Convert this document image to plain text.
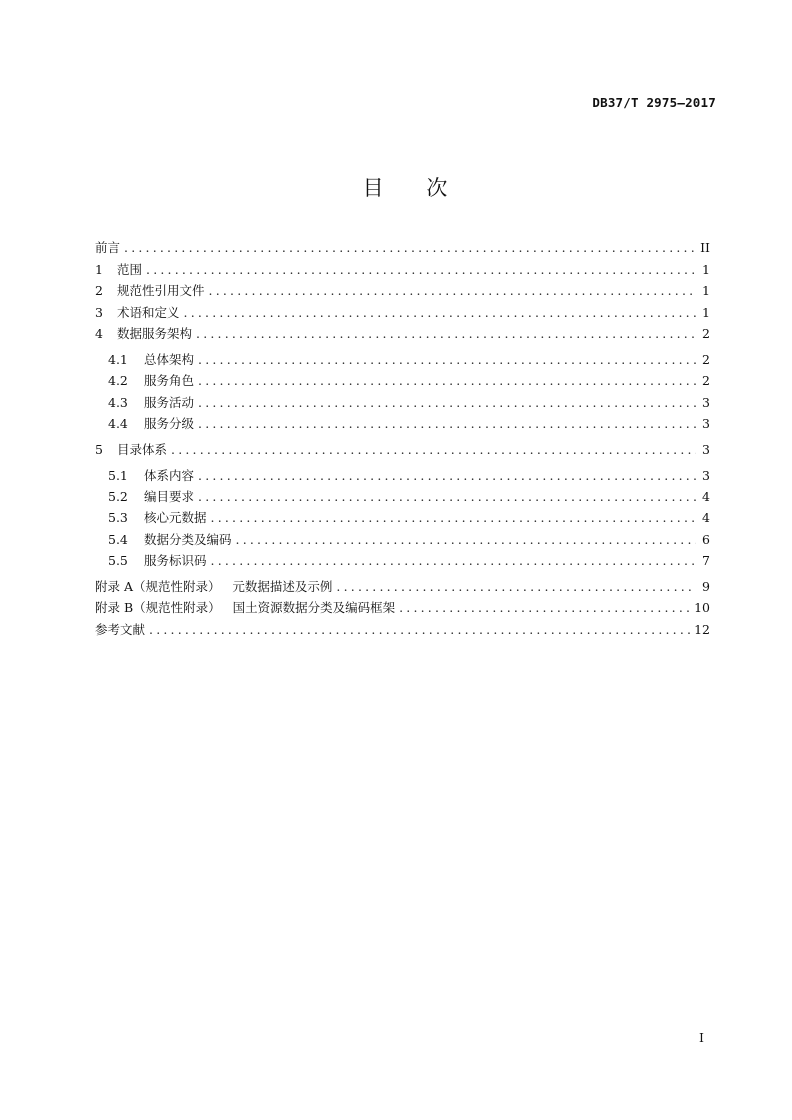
DB37/T 2975—2017
目 次
前言 .....	II
1 范围 .....	1
2 规范性引用文件 .....	1
3 术语和定义 .....	1
4 数据服务架构 .....	2
4.1 总体架构 .....	2
4.2 服务角色 .....	2
4.3 服务活动 .....	3
4.4 服务分级 .....	3
5 目录体系 .....	3
5.1 体系内容 .....	3
5.2 编目要求 .....	4
5.3 核心元数据 .....	4
5.4 数据分类及编码 .....	6
5.5 服务标识码 .....	7
附录 A（规范性附录）   元数据描述及示例 .....	9
附录 B（规范性附录）   国土资源数据分类及编码框架 .....	10
参考文献 .....	12
I
